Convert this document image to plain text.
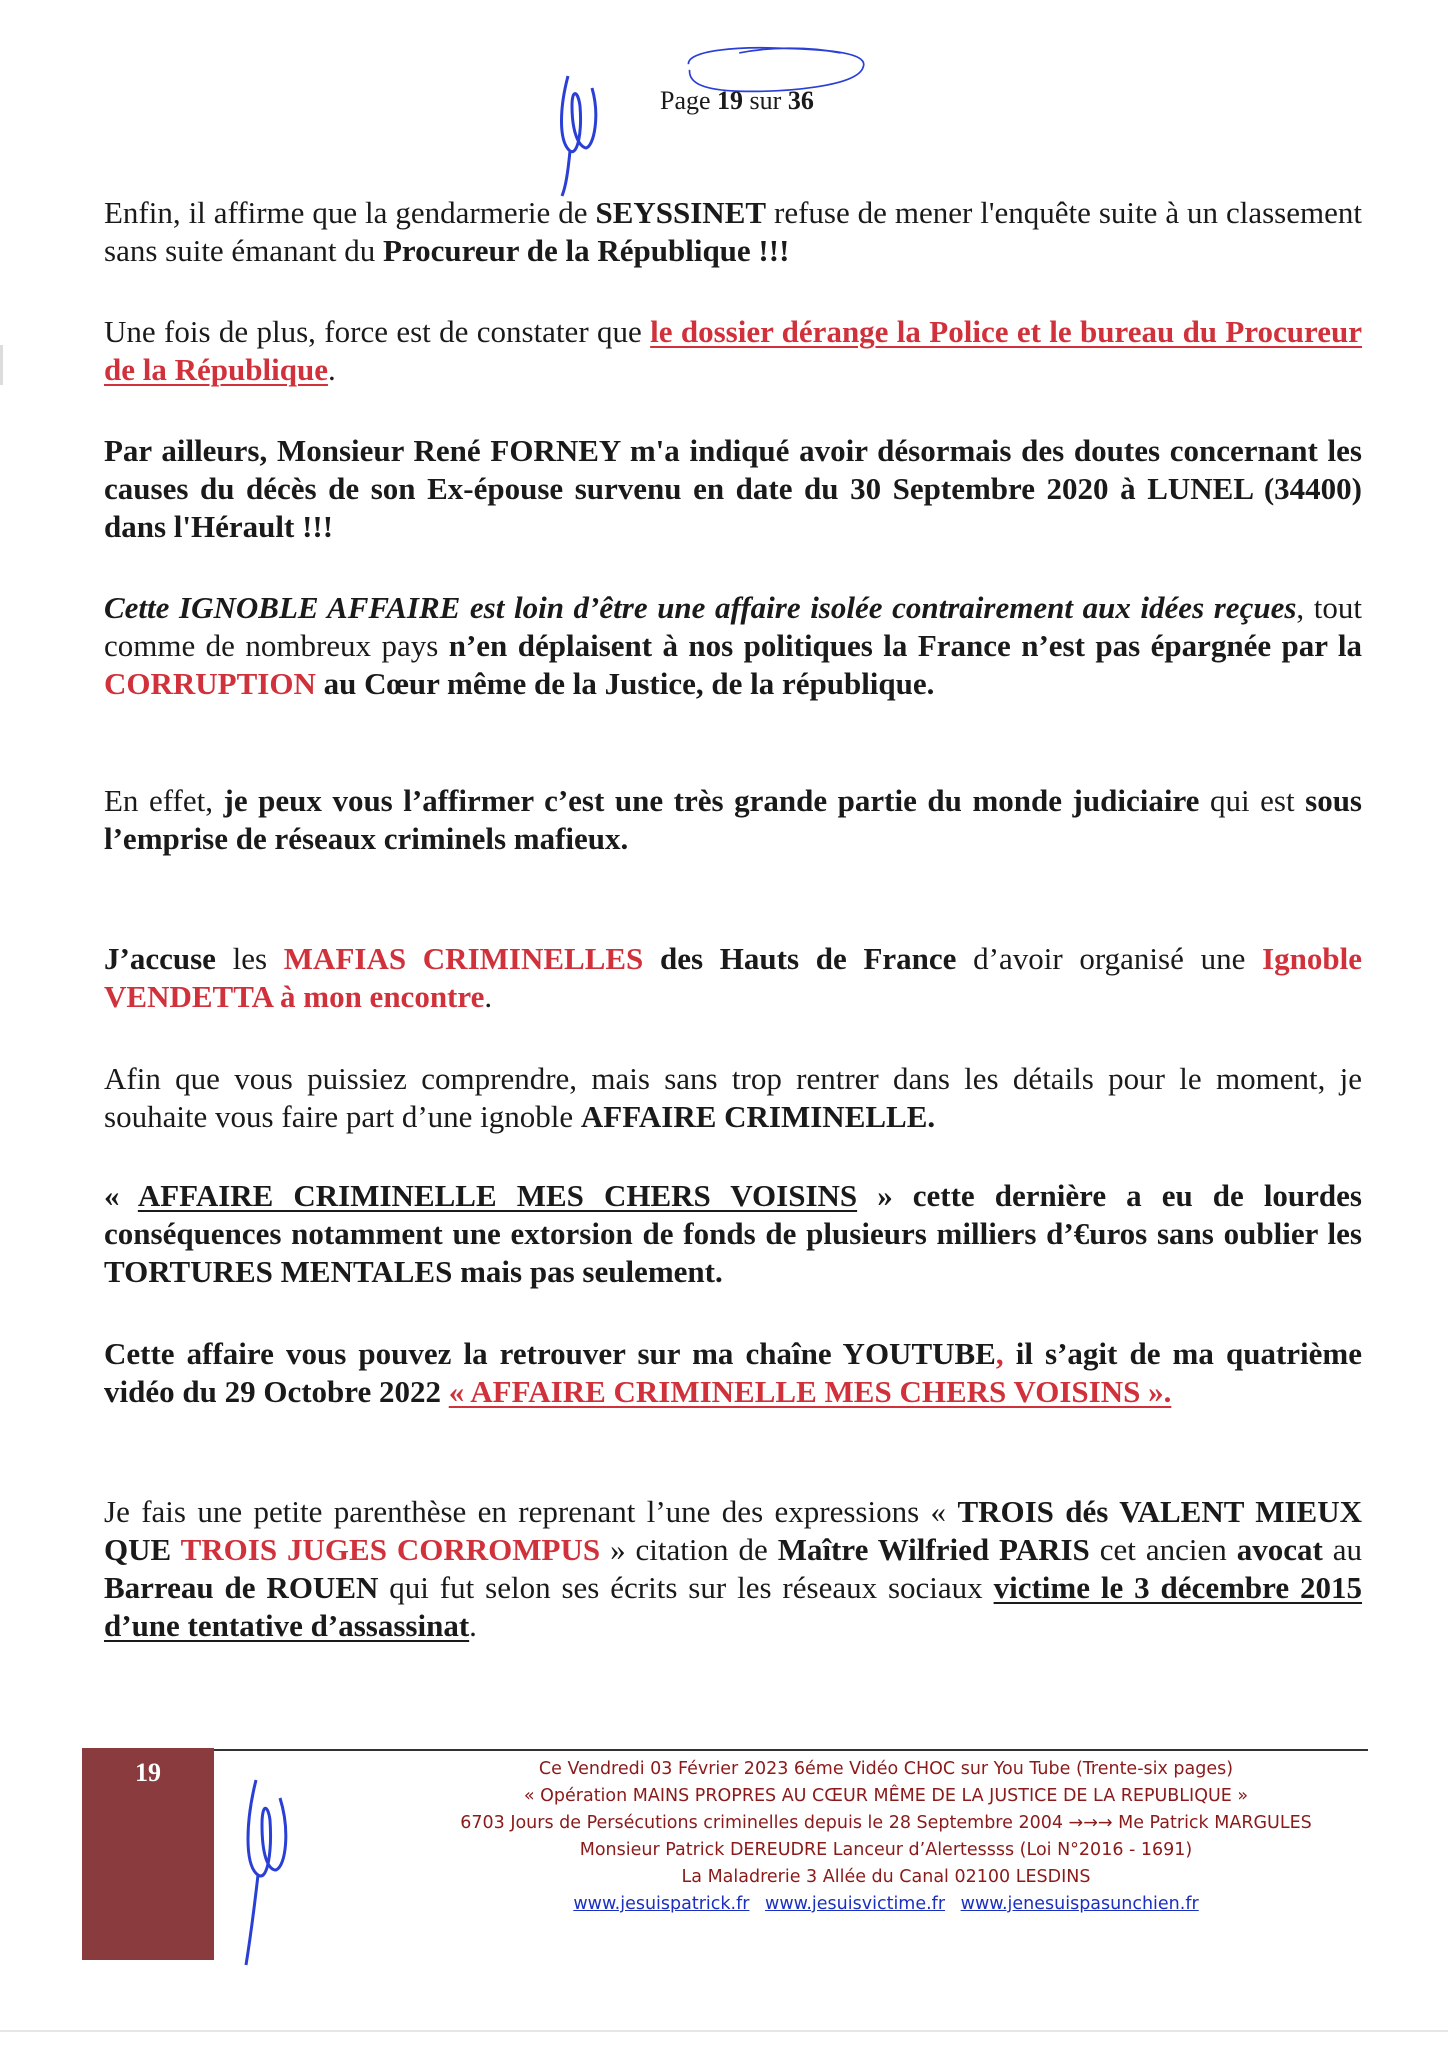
Page 19 sur 36
Enfin, il affirme que la gendarmerie de SEYSSINET refuse de mener l'enquête suite à un classement sans suite émanant du Procureur de la République !!!
Une fois de plus, force est de constater que le dossier dérange la Police et le bureau du Procureur de la République.
Par ailleurs, Monsieur René FORNEY m'a indiqué avoir désormais des doutes concernant les causes du décès de son Ex-épouse survenu en date du 30 Septembre 2020 à LUNEL (34400) dans l'Hérault !!!
Cette IGNOBLE AFFAIRE est loin d’être une affaire isolée contrairement aux idées reçues, tout comme de nombreux pays n’en déplaisent à nos politiques la France n’est pas épargnée par la CORRUPTION au Cœur même de la Justice, de la république.
En effet, je peux vous l’affirmer c’est une très grande partie du monde judiciaire qui est sous l’emprise de réseaux criminels mafieux.
J’accuse les MAFIAS CRIMINELLES des Hauts de France d’avoir organisé une Ignoble VENDETTA à mon encontre.
Afin que vous puissiez comprendre, mais sans trop rentrer dans les détails pour le moment, je souhaite vous faire part d’une ignoble AFFAIRE CRIMINELLE.
« AFFAIRE CRIMINELLE MES CHERS VOISINS » cette dernière a eu de lourdes conséquences notamment une extorsion de fonds de plusieurs milliers d’€uros sans oublier les TORTURES MENTALES mais pas seulement.
Cette affaire vous pouvez la retrouver sur ma chaîne YOUTUBE, il s’agit de ma quatrième vidéo du 29 Octobre 2022 « AFFAIRE CRIMINELLE MES CHERS VOISINS ».
Je fais une petite parenthèse en reprenant l’une des expressions « TROIS dés VALENT MIEUX QUE TROIS JUGES CORROMPUS » citation de Maître Wilfried PARIS cet ancien avocat au Barreau de ROUEN qui fut selon ses écrits sur les réseaux sociaux victime le 3 décembre 2015 d’une tentative d’assassinat.
19	Ce Vendredi 03 Février 2023 6éme Vidéo CHOC sur You Tube (Trente-six pages)
« Opération MAINS PROPRES AU CŒUR MÊME DE LA JUSTICE DE LA REPUBLIQUE »
6703 Jours de Persécutions criminelles depuis le 28 Septembre 2004 →→→ Me Patrick MARGULES
Monsieur Patrick DEREUDRE Lanceur d’Alertessss (Loi N°2016 - 1691)
La Maladrerie 3 Allée du Canal 02100 LESDINS
www.jesuispatrick.fr www.jesuisvictime.fr www.jenesuispasunchien.fr
